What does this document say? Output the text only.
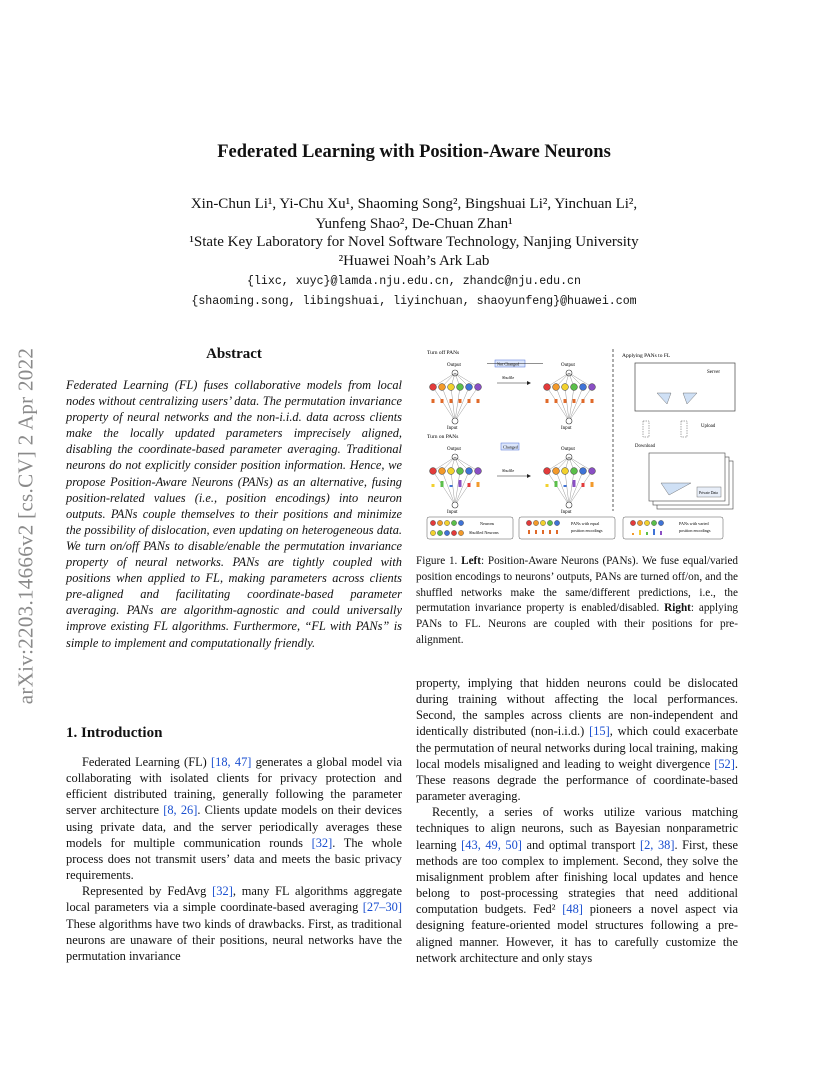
Federated Learning with Position-Aware Neurons
Xin-Chun Li¹, Yi-Chu Xu¹, Shaoming Song², Bingshuai Li², Yinchuan Li²,
Yunfeng Shao², De-Chuan Zhan¹
¹State Key Laboratory for Novel Software Technology, Nanjing University
²Huawei Noah’s Ark Lab
{lixc, xuyc}@lamda.nju.edu.cn, zhandc@nju.edu.cn
{shaoming.song, libingshuai, liyinchuan, shaoyunfeng}@huawei.com
arXiv:2203.14666v2 [cs.CV] 2 Apr 2022	Abstract
Federated Learning (FL) fuses collaborative models from local nodes without centralizing users’ data. The permutation invariance property of neural networks and the non-i.i.d. data across clients make the locally updated parameters imprecisely aligned, disabling the coordinate-based parameter averaging. Traditional neurons do not explicitly consider position information. Hence, we propose Position-Aware Neurons (PANs) as an alternative, fusing position-related values (i.e., position encodings) into neuron outputs. PANs couple themselves to their positions and minimize the possibility of dislocation, even updating on heterogeneous data. We turn on/off PANs to disable/enable the permutation invariance property of neural networks. PANs are tightly coupled with positions when applied to FL, making parameters across clients pre-aligned and facilitating coordinate-based parameter averaging. PANs are algorithm-agnostic and could universally improve existing FL algorithms. Furthermore, “FL with PANs” is simple to implement and computationally friendly.
1. Introduction

Federated Learning (FL) [18, 47] generates a global model via collaborating with isolated clients for privacy protection and efficient distributed training, generally following the parameter server architecture [8, 26]. Clients update models on their devices using private data, and the server periodically averages these models for multiple communication rounds [32]. The whole process does not transmit users’ data and meets the basic privacy requirements.

Represented by FedAvg [32], many FL algorithms aggregate local parameters via a simple coordinate-based averaging [27–30] These algorithms have two kinds of drawbacks. First, as traditional neurons are unaware of their positions, neural networks have the permutation invariance

property, implying that hidden neurons could be dislocated during training without affecting the local performances. Second, the samples across clients are non-independent and identically distributed (non-i.i.d.) [15], which could exacerbate the permutation of neural networks during local training, making local models misaligned and leading to weight divergence [52]. These reasons degrade the performance of coordinate-based parameter averaging.

Recently, a series of works utilize various matching techniques to align neurons, such as Bayesian nonparametric learning [43, 49, 50] and optimal transport [2, 38]. First, these methods are too complex to implement. Second, they solve the misalignment problem after finishing local updates and hence belong to post-processing strategies that need additional computation budgets. Fed² [48] pioneers a novel aspect via designing feature-oriented model structures following a pre-aligned manner. However, it has to carefully customize the network architecture and only stays

Figure 1. Left: Position-Aware Neurons (PANs). We fuse equal/varied position encodings to neurons’ outputs, PANs are turned off/on, and the shuffled networks make the same/different predictions, i.e., the permutation invariance property is enabled/disabled. Right: applying PANs to FL. Neurons are coupled with their positions for pre-alignment.
Turn off PANs
Turn on PANs
Applying PANs to FL
Output
Input
Output
Input
Output
Input
Output
Input
Not Changed
Changed
Shuffle
Shuffle
Server
Upload
Download
Private Data
Neurons
Shuffled Neurons
PANs with equal
position encodings
PANs with varied
position encodings
